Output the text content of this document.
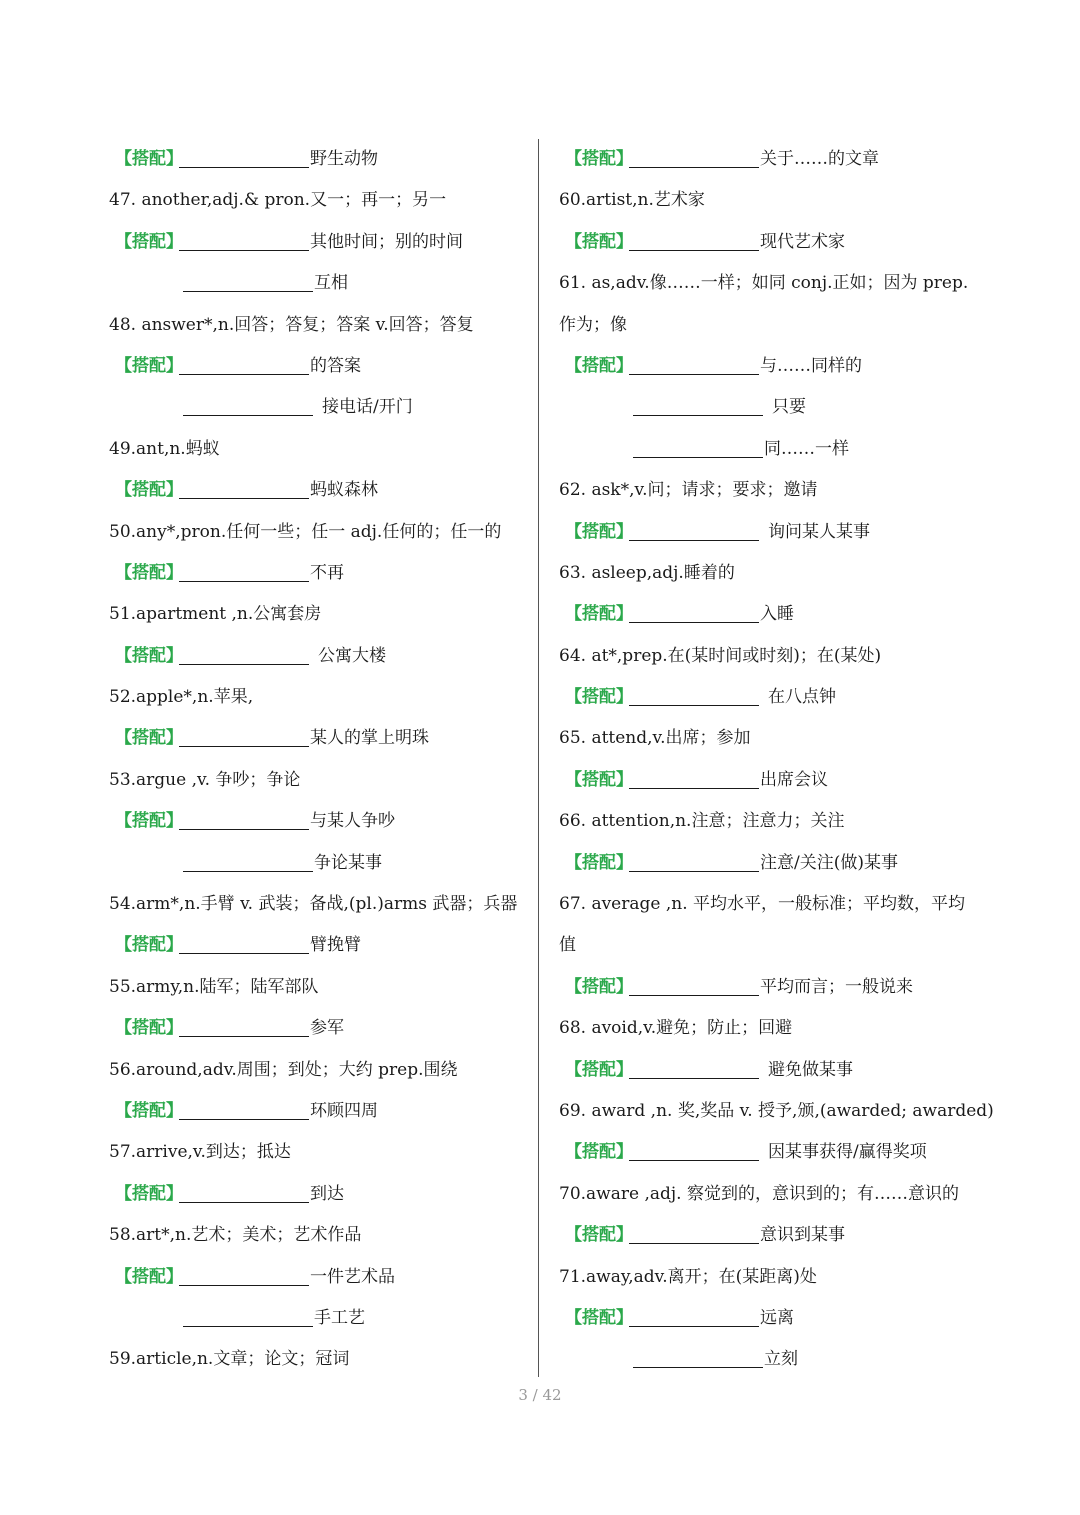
【搭配】	野生动物
47. another,adj.& pron.又一；再一；另一
【搭配】	其他时间；别的时间
互相
48. answer*,n.回答；答复；答案 v.回答；答复
【搭配】	的答案
接电话/开门
49.ant,n.蚂蚁
【搭配】	蚂蚁森林
50.any*,pron.任何一些；任一 adj.任何的；任一的
【搭配】	不再
51.apartment ,n.公寓套房
【搭配】	公寓大楼
52.apple*,n.苹果,
【搭配】	某人的掌上明珠
53.argue ,v. 争吵；争论
【搭配】	与某人争吵
争论某事
54.arm*,n.手臂 v. 武装；备战,(pl.)arms 武器；兵器
【搭配】	臂挽臂
55.army,n.陆军；陆军部队
【搭配】	参军
56.around,adv.周围；到处；大约 prep.围绕
【搭配】	环顾四周
57.arrive,v.到达；抵达
【搭配】	到达
58.art*,n.艺术；美术；艺术作品
【搭配】	一件艺术品
手工艺
59.article,n.文章；论文；冠词
【搭配】	关于……的文章
60.artist,n.艺术家
【搭配】	现代艺术家
61. as,adv.像……一样；如同 conj.正如；因为 prep.
作为；像
【搭配】	与……同样的
只要
同……一样
62. ask*,v.问；请求；要求；邀请
【搭配】	询问某人某事
63. asleep,adj.睡着的
【搭配】	入睡
64. at*,prep.在(某时间或时刻)；在(某处)
【搭配】	在八点钟
65. attend,v.出席；参加
【搭配】	出席会议
66. attention,n.注意；注意力；关注
【搭配】	注意/关注(做)某事
67. average ,n. 平均水平，一般标准；平均数，平均
值
【搭配】	平均而言；一般说来
68. avoid,v.避免；防止；回避
【搭配】	避免做某事
69. award ,n. 奖,奖品 v. 授予,颁,(awarded; awarded)
【搭配】	因某事获得/赢得奖项
70.aware ,adj. 察觉到的，意识到的；有……意识的
【搭配】	意识到某事
71.away,adv.离开；在(某距离)处
【搭配】	远离
立刻
3 / 42
